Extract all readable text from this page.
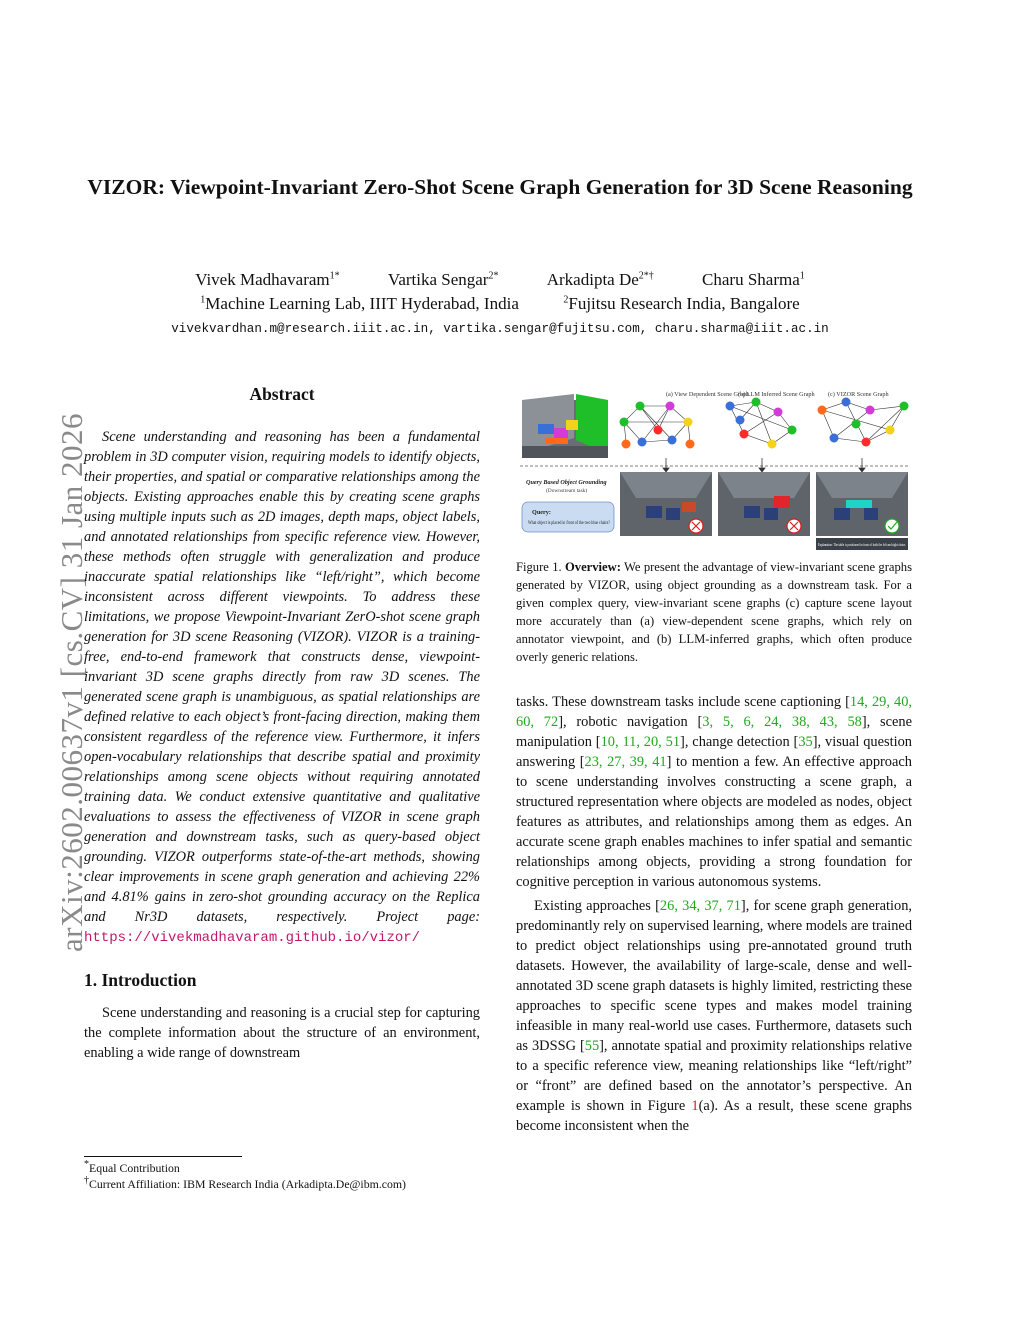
arXiv:2602.00637v1 [cs.CV] 31 Jan 2026
VIZOR: Viewpoint-Invariant Zero-Shot Scene Graph Generation for 3D Scene Reasoning
Vivek Madhavaram$^{1*}$	Vartika Sengar$^{2*}$	Arkadipta $De^{2*\dagger}$	Charu Sharma$^1$
$^1$Machine Learning Lab, IIIT Hyderabad, India	$^2$Fujitsu Research India, Bangalore
vivekvardhan.m@research.iiit.ac.in, vartika.sengar@fujitsu.com, charu.sharma@iiit.ac.in
Abstract

Scene understanding and reasoning has been a fundamental problem in 3D computer vision, requiring models to identify objects, their properties, and spatial or comparative relationships among the objects. Existing approaches enable this by creating scene graphs using multiple inputs such as 2D images, depth maps, object labels, and annotated relationships from specific reference view. However, these methods often struggle with generalization and produce inaccurate spatial relationships like “left/right”, which become inconsistent across different viewpoints. To address these limitations, we propose Viewpoint-Invariant ZerO-shot scene graph generation for 3D scene Reasoning (VIZOR). VIZOR is a training-free, end-to-end framework that constructs dense, viewpoint-invariant 3D scene graphs directly from raw 3D scenes. The generated scene graph is unambiguous, as spatial relationships are defined relative to each object’s front-facing direction, making them consistent regardless of the reference view. Furthermore, it infers open-vocabulary relationships that describe spatial and proximity relationships among scene objects without requiring annotated training data. We conduct extensive quantitative and qualitative evaluations to assess the effectiveness of VIZOR in scene graph generation and downstream tasks, such as query-based object grounding. VIZOR outperforms state-of-the-art methods, showing clear improvements in scene graph generation and achieving 22% and 4.81% gains in zero-shot grounding accuracy on the Replica and Nr3D datasets, respectively. Project page: https://vivekmadhavaram.github.io/vizor/

1. Introduction

Scene understanding and reasoning is a crucial step for capturing the complete information about the structure of an environment, enabling a wide range of downstream

*Equal Contribution
†Current Affiliation: IBM Research India (Arkadipta.De@ibm.com)
(a) View Dependent Scene Graph
(b) LLM Inferred Scene Graph (c) VIZOR Scene Graph
Query Based Object Grounding
(Downstream task)
Query:
What object is placed in front of the two blue chairs?
Explanation: The table is positioned in front of both the left and right chairs.
Figure 1. Overview: We present the advantage of view-invariant scene graphs generated by VIZOR, using object grounding as a downstream task. For a given complex query, view-invariant scene graphs (c) capture scene layout more accurately than (a) view-dependent scene graphs, which rely on annotator viewpoint, and (b) LLM-inferred graphs, which often produce overly generic relations.

tasks. These downstream tasks include scene captioning [14, 29, 40, 60, 72], robotic navigation [3, 5, 6, 24, 38, 43, 58], scene manipulation [10, 11, 20, 51], change detection [35], visual question answering [23, 27, 39, 41] to mention a few. An effective approach to scene understanding involves constructing a scene graph, a structured representation where objects are modeled as nodes, object features as attributes, and relationships among them as edges. An accurate scene graph enables machines to infer spatial and semantic relationships among objects, providing a strong foundation for cognitive perception in various autonomous systems.

Existing approaches [26, 34, 37, 71], for scene graph generation, predominantly rely on supervised learning, where models are trained to predict object relationships using pre-annotated ground truth datasets. However, the availability of large-scale, dense and well-annotated 3D scene graph datasets is highly limited, restricting these approaches to specific scene types and makes model training infeasible in many real-world use cases. Furthermore, datasets such as 3DSSG [55], annotate spatial and proximity relationships relative to a specific reference view, meaning relationships like “left/right” or “front” are defined based on the annotator’s perspective. An example is shown in Figure 1(a). As a result, these scene graphs become inconsistent when the
